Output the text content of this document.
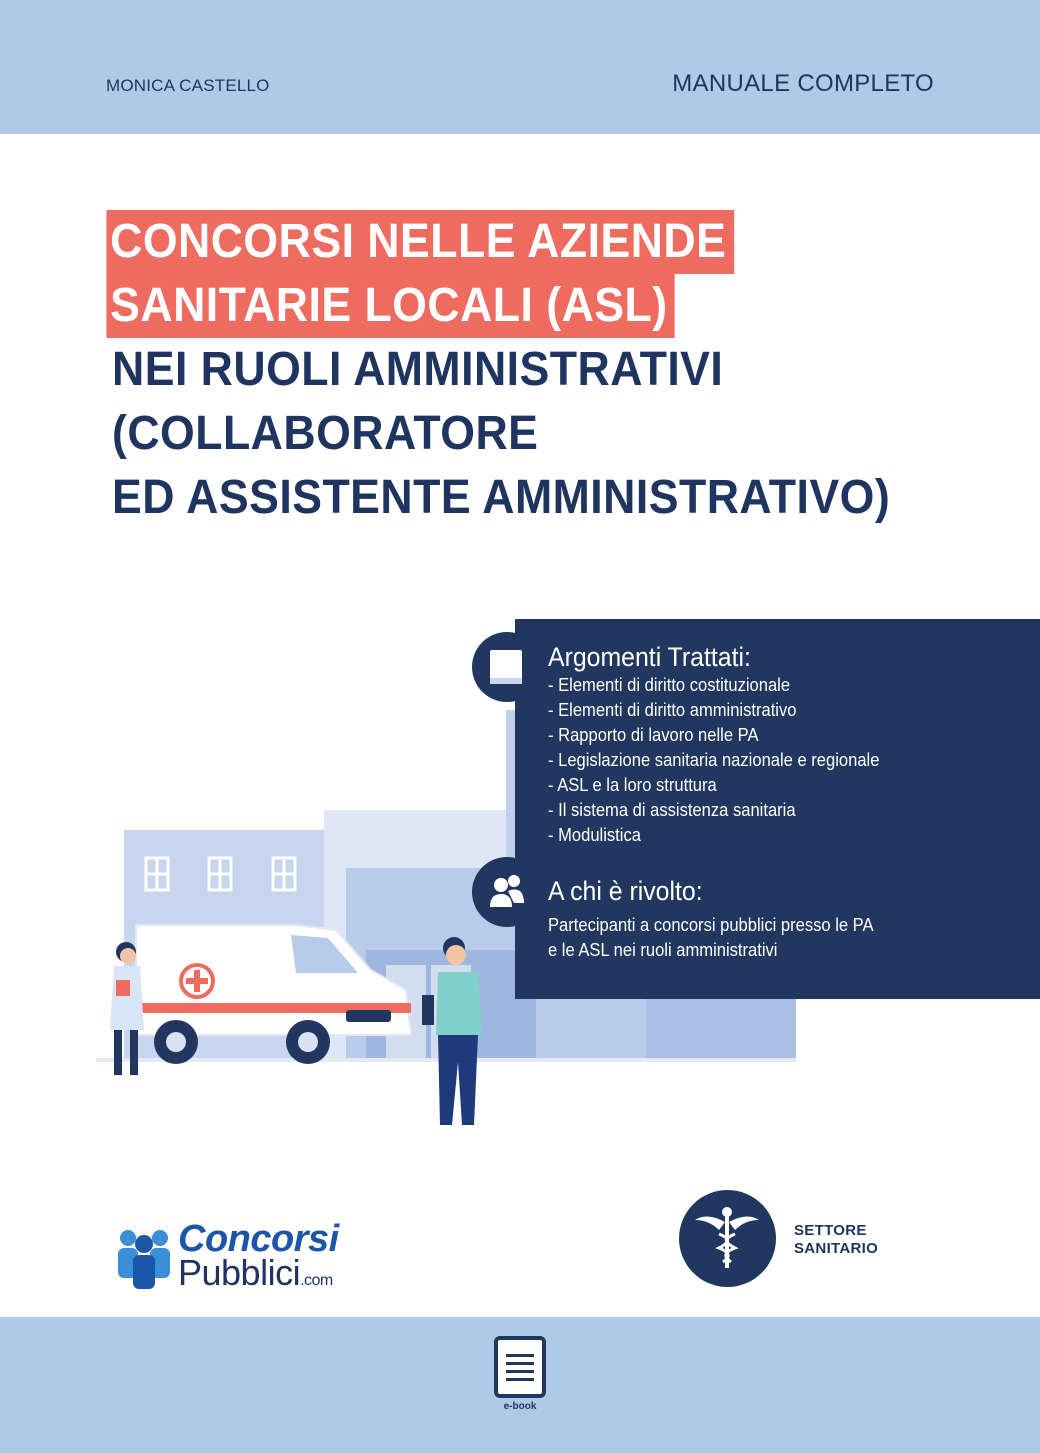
MONICA CASTELLO	MANUALE COMPLETO
CONCORSI NELLE AZIENDE
SANITARIE LOCALI (ASL)
NEI RUOLI AMMINISTRATIVI
(COLLABORATORE
ED ASSISTENTE AMMINISTRATIVO)
Argomenti Trattati:
- Elementi di diritto costituzionale
- Elementi di diritto amministrativo
- Rapporto di lavoro nelle PA
- Legislazione sanitaria nazionale e regionale
- ASL e la loro struttura
- Il sistema di assistenza sanitaria
- Modulistica
A chi è rivolto:
Partecipanti a concorsi pubblici presso le PA
e le ASL nei ruoli amministrativi
Concorsi
Pubblici.com
SETTORE
SANITARIO
e-book
